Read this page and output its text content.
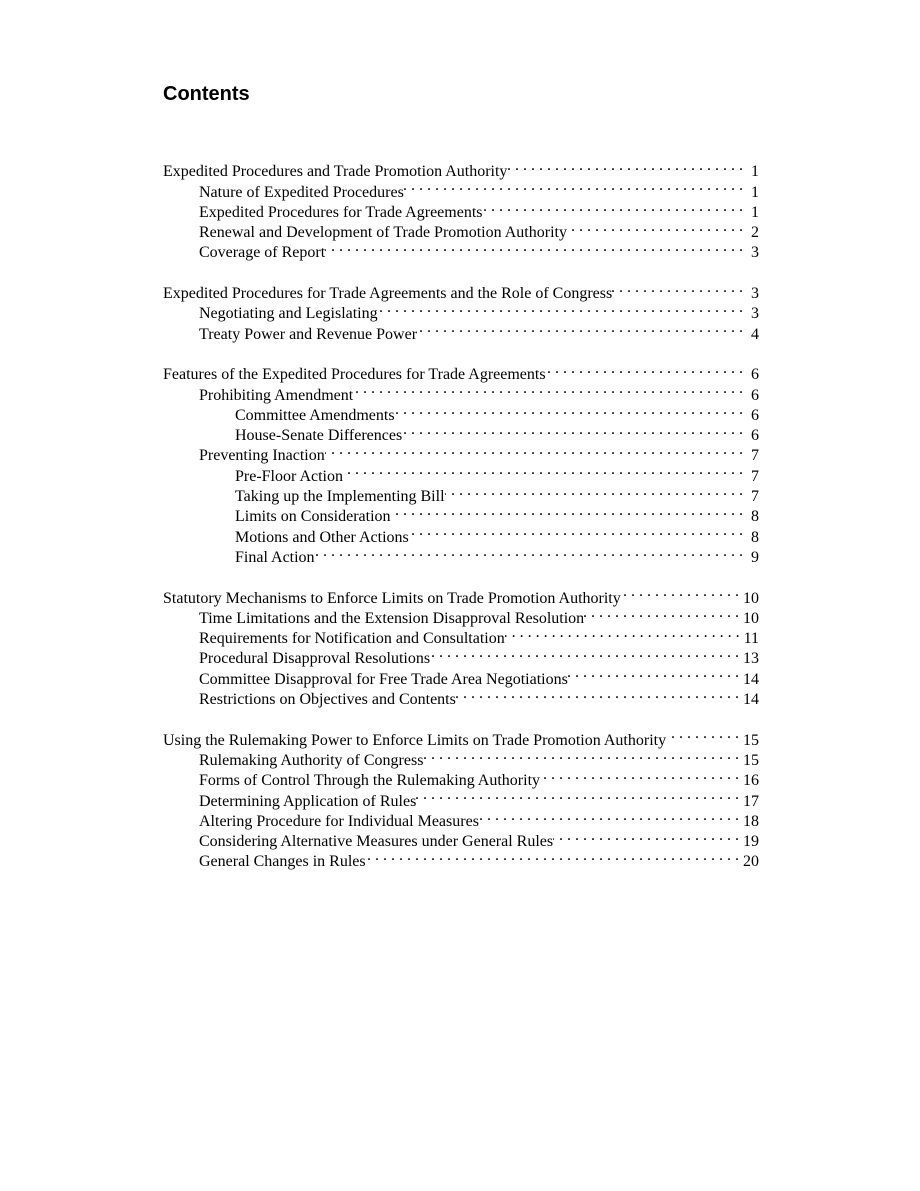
Contents
Expedited Procedures and Trade Promotion Authority . . .	1
Nature of Expedited Procedures . . .	1
Expedited Procedures for Trade Agreements . . .	1
Renewal and Development of Trade Promotion Authority . . .	2
Coverage of Report . . .	3
Expedited Procedures for Trade Agreements and the Role of Congress . . .	3
Negotiating and Legislating . . .	3
Treaty Power and Revenue Power . . .	4
Features of the Expedited Procedures for Trade Agreements . . .	6
Prohibiting Amendment . . .	6
Committee Amendments . . .	6
House-Senate Differences . . .	6
Preventing Inaction . . .	7
Pre-Floor Action . . .	7
Taking up the Implementing Bill . . .	7
Limits on Consideration . . .	8
Motions and Other Actions . . .	8
Final Action . . .	9
Statutory Mechanisms to Enforce Limits on Trade Promotion Authority . . .	10
Time Limitations and the Extension Disapproval Resolution . . .	10
Requirements for Notification and Consultation . . .	11
Procedural Disapproval Resolutions . . .	13
Committee Disapproval for Free Trade Area Negotiations . . .	14
Restrictions on Objectives and Contents . . .	14
Using the Rulemaking Power to Enforce Limits on Trade Promotion Authority . . .	15
Rulemaking Authority of Congress . . .	15
Forms of Control Through the Rulemaking Authority . . .	16
Determining Application of Rules . . .	17
Altering Procedure for Individual Measures . . .	18
Considering Alternative Measures under General Rules . . .	19
General Changes in Rules . . .	20
